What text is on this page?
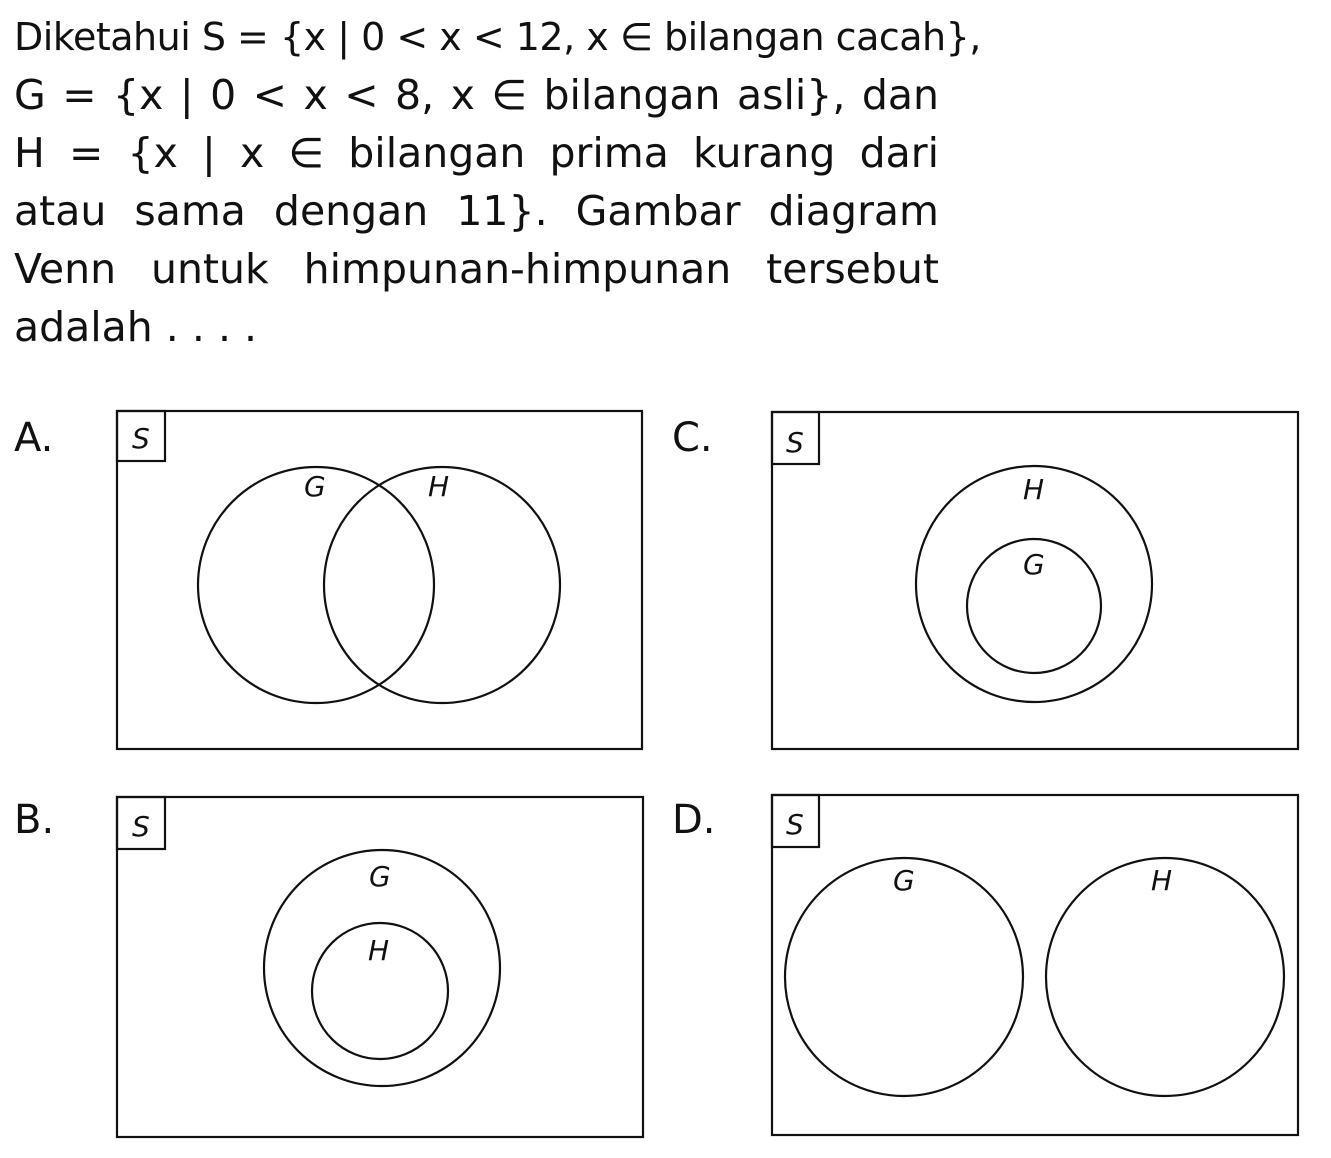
Diketahui S = {x | 0 < x < 12, x ∈ bilangan cacah},
G = {x | 0 < x < 8, x ∈ bilangan asli}, dan
H = {x | x ∈ bilangan prima kurang dari
atau sama dengan 11}. Gambar diagram
Venn untuk himpunan-himpunan tersebut
adalah . . . .
A.	C.
B.	D.
S
G	H
S
H
G
S
G
H
S
G	H
